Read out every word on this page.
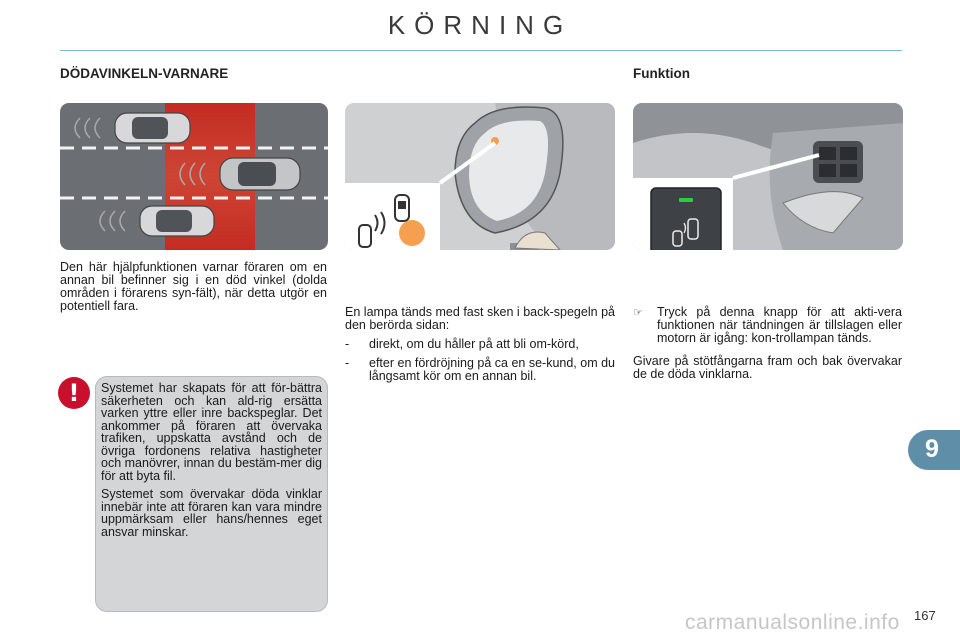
KÖRNING
DÖDAVINKELN-VARNARE	Funktion

Den här hjälpfunktionen varnar föraren om en annan bil befinner sig i en död vinkel (dolda områden i förarens syn-fält), när detta utgör en potentiell fara.

!	Systemet har skapats för att för-bättra säkerheten och kan ald-rig ersätta varken yttre eller inre backspeglar. Det ankommer på föraren att övervaka trafiken, uppskatta avstånd och de övriga fordonens relativa hastigheter och manövrer, innan du bestäm-mer dig för att byta fil.

Systemet som övervakar döda vinklar innebär inte att föraren kan vara mindre uppmärksam eller hans/hennes eget ansvar minskar.

En lampa tänds med fast sken i back-spegeln på den berörda sidan:

- direkt, om du håller på att bli om-körd,
- efter en fördröjning på ca en se-kund, om du långsamt kör om en annan bil.
☞ Tryck på denna knapp för att akti-vera funktionen när tändningen är tillslagen eller motorn är igång: kon-trollampan tänds.

Givare på stötfångarna fram och bak övervakar de de döda vinklarna.

9
carmanualsonline.info 167
